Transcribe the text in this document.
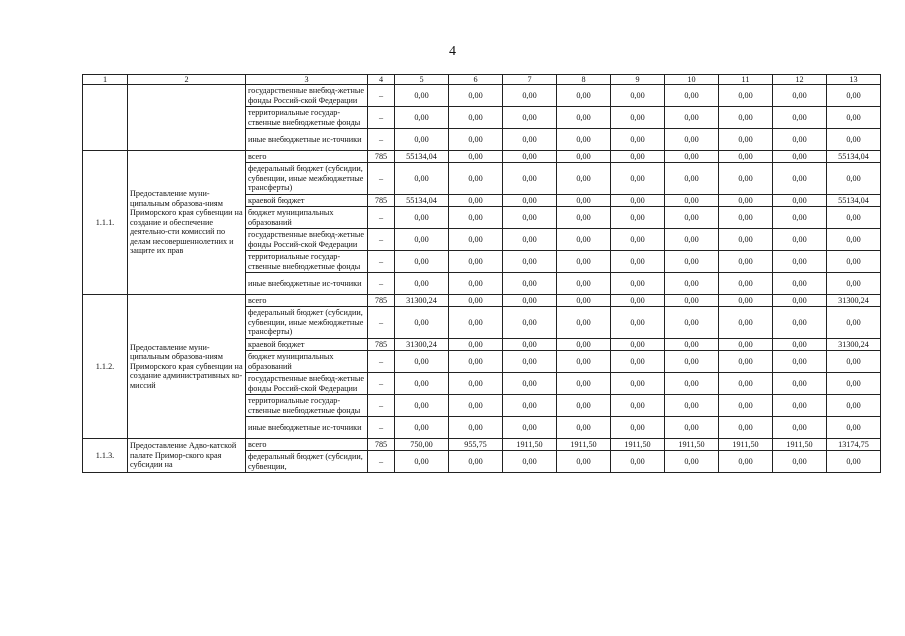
4
1	2	3	4	5	6	7	8	9	10	11	12	13
		государственные внебюд-жетные фонды Россий-ской Федерации	–	0,00	0,00	0,00	0,00	0,00	0,00	0,00	0,00	0,00
		территориальные государ-ственные внебюджетные фонды	–	0,00	0,00	0,00	0,00	0,00	0,00	0,00	0,00	0,00
		иные внебюджетные ис-точники	–	0,00	0,00	0,00	0,00	0,00	0,00	0,00	0,00	0,00
1.1.1.	Предоставление муни-ципальным образова-ниям Приморского края субвенции на создание и обеспечение деятельно-сти комиссий по делам несовершеннолетних и защите их прав	всего	785	55134,04	0,00	0,00	0,00	0,00	0,00	0,00	0,00	55134,04
		федеральный бюджет (субсидии, субвенции, иные межбюджетные трансферты)	–	0,00	0,00	0,00	0,00	0,00	0,00	0,00	0,00	0,00
		краевой бюджет	785	55134,04	0,00	0,00	0,00	0,00	0,00	0,00	0,00	55134,04
		бюджет муниципальных образований	–	0,00	0,00	0,00	0,00	0,00	0,00	0,00	0,00	0,00
		государственные внебюд-жетные фонды Россий-ской Федерации	–	0,00	0,00	0,00	0,00	0,00	0,00	0,00	0,00	0,00
		территориальные государ-ственные внебюджетные фонды	–	0,00	0,00	0,00	0,00	0,00	0,00	0,00	0,00	0,00
		иные внебюджетные ис-точники	–	0,00	0,00	0,00	0,00	0,00	0,00	0,00	0,00	0,00
1.1.2.	Предоставление муни-ципальным образова-ниям Приморского края субвенции на создание административных ко-миссий	всего	785	31300,24	0,00	0,00	0,00	0,00	0,00	0,00	0,00	31300,24
		федеральный бюджет (субсидии, субвенции, иные межбюджетные трансферты)	–	0,00	0,00	0,00	0,00	0,00	0,00	0,00	0,00	0,00
		краевой бюджет	785	31300,24	0,00	0,00	0,00	0,00	0,00	0,00	0,00	31300,24
		бюджет муниципальных образований	–	0,00	0,00	0,00	0,00	0,00	0,00	0,00	0,00	0,00
		государственные внебюд-жетные фонды Россий-ской Федерации	–	0,00	0,00	0,00	0,00	0,00	0,00	0,00	0,00	0,00
		территориальные государ-ственные внебюджетные фонды	–	0,00	0,00	0,00	0,00	0,00	0,00	0,00	0,00	0,00
		иные внебюджетные ис-точники	–	0,00	0,00	0,00	0,00	0,00	0,00	0,00	0,00	0,00
1.1.3.	Предоставление Адво-катской палате Примор-ского края субсидии на	всего	785	750,00	955,75	1911,50	1911,50	1911,50	1911,50	1911,50	1911,50	13174,75
		федеральный бюджет (субсидии, субвенции,	–	0,00	0,00	0,00	0,00	0,00	0,00	0,00	0,00	0,00
